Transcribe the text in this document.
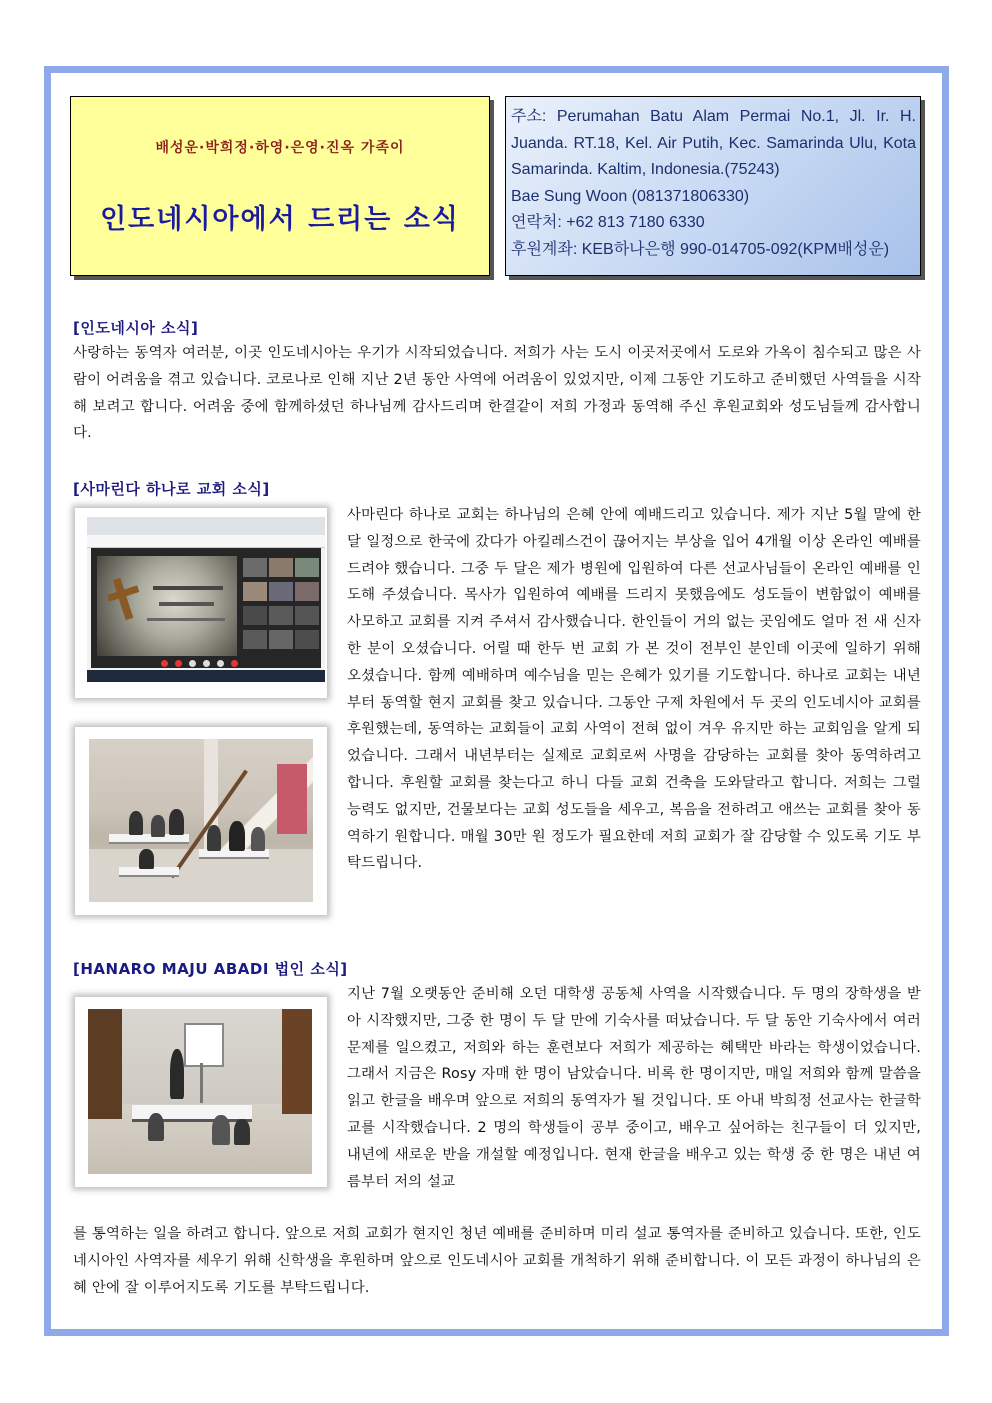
배성운·박희정·하영·은영·진옥 가족이
인도네시아에서 드리는 소식
주소: Perumahan Batu Alam Permai No.1, Jl. Ir. H. Juanda. RT.18, Kel. Air Putih, Kec. Samarinda Ulu, Kota Samarinda. Kaltim, Indonesia.(75243)
Bae Sung Woon (081371806330)
연락처: +62 813 7180 6330
후원계좌: KEB하나은행 990-014705-092(KPM배성운)
[인도네시아 소식]
사랑하는 동역자 여러분, 이곳 인도네시아는 우기가 시작되었습니다. 저희가 사는 도시 이곳저곳에서 도로와 가옥이 침수되고 많은 사람이 어려움을 겪고 있습니다. 코로나로 인해 지난 2년 동안 사역에 어려움이 있었지만, 이제 그동안 기도하고 준비했던 사역들을 시작해 보려고 합니다. 어려움 중에 함께하셨던 하나님께 감사드리며 한결같이 저희 가정과 동역해 주신 후원교회와 성도님들께 감사합니다.
[사마린다 하나로 교회 소식]
사마린다 하나로 교회는 하나님의 은혜 안에 예배드리고 있습니다. 제가 지난 5월 말에 한 달 일정으로 한국에 갔다가 아킬레스건이 끊어지는 부상을 입어 4개월 이상 온라인 예배를 드려야 했습니다. 그중 두 달은 제가 병원에 입원하여 다른 선교사님들이 온라인 예배를 인도해 주셨습니다. 목사가 입원하여 예배를 드리지 못했음에도 성도들이 변함없이 예배를 사모하고 교회를 지켜 주셔서 감사했습니다. 한인들이 거의 없는 곳임에도 얼마 전 새 신자 한 분이 오셨습니다. 어릴 때 한두 번 교회 가 본 것이 전부인 분인데 이곳에 일하기 위해 오셨습니다. 함께 예배하며 예수님을 믿는 은혜가 있기를 기도합니다. 하나로 교회는 내년부터 동역할 현지 교회를 찾고 있습니다. 그동안 구제 차원에서 두 곳의 인도네시아 교회를 후원했는데, 동역하는 교회들이 교회 사역이 전혀 없이 겨우 유지만 하는 교회임을 알게 되었습니다. 그래서 내년부터는 실제로 교회로써 사명을 감당하는 교회를 찾아 동역하려고 합니다. 후원할 교회를 찾는다고 하니 다들 교회 건축을 도와달라고 합니다. 저희는 그럴 능력도 없지만, 건물보다는 교회 성도들을 세우고, 복음을 전하려고 애쓰는 교회를 찾아 동역하기 원합니다. 매월 30만 원 정도가 필요한데 저희 교회가 잘 감당할 수 있도록 기도 부탁드립니다.
[HANARO MAJU ABADI 법인 소식]
지난 7월 오랫동안 준비해 오던 대학생 공동체 사역을 시작했습니다. 두 명의 장학생을 받아 시작했지만, 그중 한 명이 두 달 만에 기숙사를 떠났습니다. 두 달 동안 기숙사에서 여러 문제를 일으켰고, 저희와 하는 훈련보다 저희가 제공하는 혜택만 바라는 학생이었습니다. 그래서 지금은 Rosy 자매 한 명이 남았습니다. 비록 한 명이지만, 매일 저희와 함께 말씀을 읽고 한글을 배우며 앞으로 저희의 동역자가 될 것입니다. 또 아내 박희정 선교사는 한글학교를 시작했습니다. 2 명의 학생들이 공부 중이고, 배우고 싶어하는 친구들이 더 있지만, 내년에 새로운 반을 개설할 예정입니다. 현재 한글을 배우고 있는 학생 중 한 명은 내년 여름부터 저의 설교
를 통역하는 일을 하려고 합니다. 앞으로 저희 교회가 현지인 청년 예배를 준비하며 미리 설교 통역자를 준비하고 있습니다. 또한, 인도네시아인 사역자를 세우기 위해 신학생을 후원하며 앞으로 인도네시아 교회를 개척하기 위해 준비합니다. 이 모든 과정이 하나님의 은혜 안에 잘 이루어지도록 기도를 부탁드립니다.
